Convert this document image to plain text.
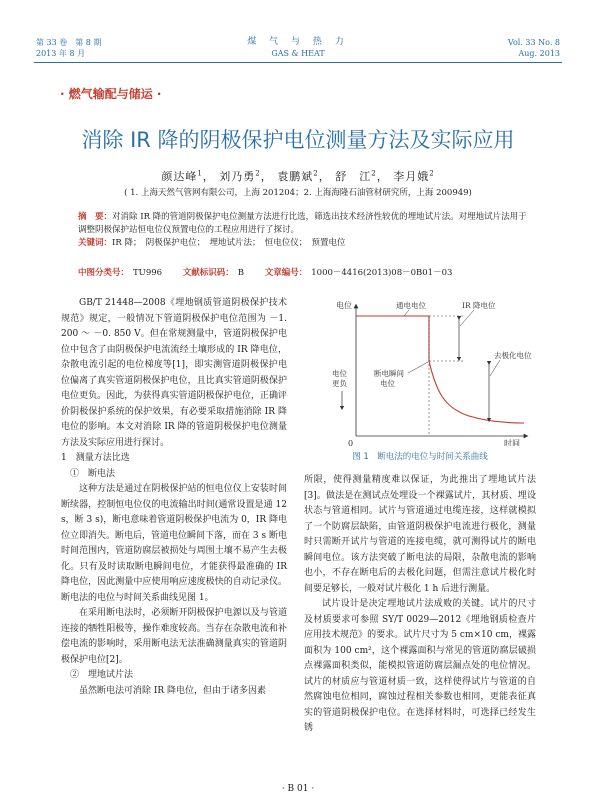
第 33 卷　第 8 期
2013 年 8 月
煤 气 与 热 力
GAS & HEAT
Vol. 33 No. 8
Aug. 2013
· 燃气输配与储运 ·
消除 IR 降的阴极保护电位测量方法及实际应用
颜达峰$^1$， 刘乃勇$^2$， 袁鹏斌$^2$， 舒　江$^2$， 李月娥$^2$
( 1. 上海天然气管网有限公司，上海 201204；2. 上海海隆石油管材研究所，上海 200949)
摘　要：对消除 IR 降的管道阴极保护电位测量方法进行比选，筛选出技术经济性较优的埋地试片法。对埋地试片法用于调整阴极保护站恒电位仪预置电位的工程应用进行了探讨。
关键词：IR 降；　阴极保护电位；　埋地试片法；　恒电位仪；　预置电位
中图分类号： TU996 文献标识码： B 文章编号： 1000－4416(2013)08－0B01－03

GB/T 21448—2008《埋地钢质管道阴极保护技术规范》规定，一般情况下管道阴极保护电位范围为 －1. 200 ～ －0. 850 V。但在常规测量中，管道阴极保护电位中包含了由阴极保护电流流经土壤形成的 IR 降电位，杂散电流引起的电位梯度等[1]，即实测管道阴极保护电位偏离了真实管道阴极保护电位，且比真实管道阴极保护电位更负。因此，为获得真实管道阴极保护电位，正确评价阴极保护系统的保护效果，有必要采取措施消除 IR 降电位的影响。本文对消除 IR 降的管道阴极保护电位测量方法及实际应用进行探讨。

1　测量方法比选

①　断电法

这种方法是通过在阴极保护站的恒电位仪上安装时间断续器，控制恒电位仪的电流输出时间(通常设置是通 12 s，断 3 s)，断电意味着管道阴极保护电流为 0，IR 降电位立即消失。断电后，管道电位瞬间下落，而在 3 s 断电时间范围内，管道防腐层被损处与周围土壤不易产生去极化。只有及时读取断电瞬间电位，才能获得最准确的 IR 降电位，因此测量中应使用响应速度极快的自动记录仪。断电法的电位与时间关系曲线见图 1。

在采用断电法时，必须断开阴极保护电源以及与管道连接的牺牲阳极等，操作难度较高。当存在杂散电流和补偿电流的影响时，采用断电法无法准确测量真实的管道阴极保护电位[2]。

②　埋地试片法

虽然断电法可消除 IR 降电位，但由于诸多因素

电位
时间
0
电位
更负
通电电位	IR 降电位
去极化电位
断电瞬间
电位
图 1　断电法的电位与时间关系曲线

所限，使得测量精度难以保证，为此推出了埋地试片法[3]。做法是在测试点处埋设一个裸露试片，其材质、埋设状态与管道相同。试片与管道通过电缆连接，这样就模拟了一个防腐层缺陷，由管道阴极保护电流进行极化，测量时只需断开试片与管道的连接电缆，就可测得试片的断电瞬间电位。该方法突破了断电法的局限，杂散电流的影响也小，不存在断电后的去极化问题，但需注意试片极化时间要足够长，一般对试片极化 1 h 后进行测量。

试片设计是决定埋地试片法成败的关键。试片的尺寸及材质要求可参照 SY/T 0029—2012《埋地钢质检查片应用技术规范》的要求。试片尺寸为 5 cm×10 cm，裸露面积为 100 cm²，这个裸露面积与常见的管道防腐层破损点裸露面积类似，能模拟管道防腐层漏点处的电位情况。试片的材质应与管道材质一致，这样使得试片与管道的自然腐蚀电位相同，腐蚀过程相关参数也相同，更能表征真实的管道阴极保护电位。在选择材料时，可选择已经发生锈

· B 01 ·
